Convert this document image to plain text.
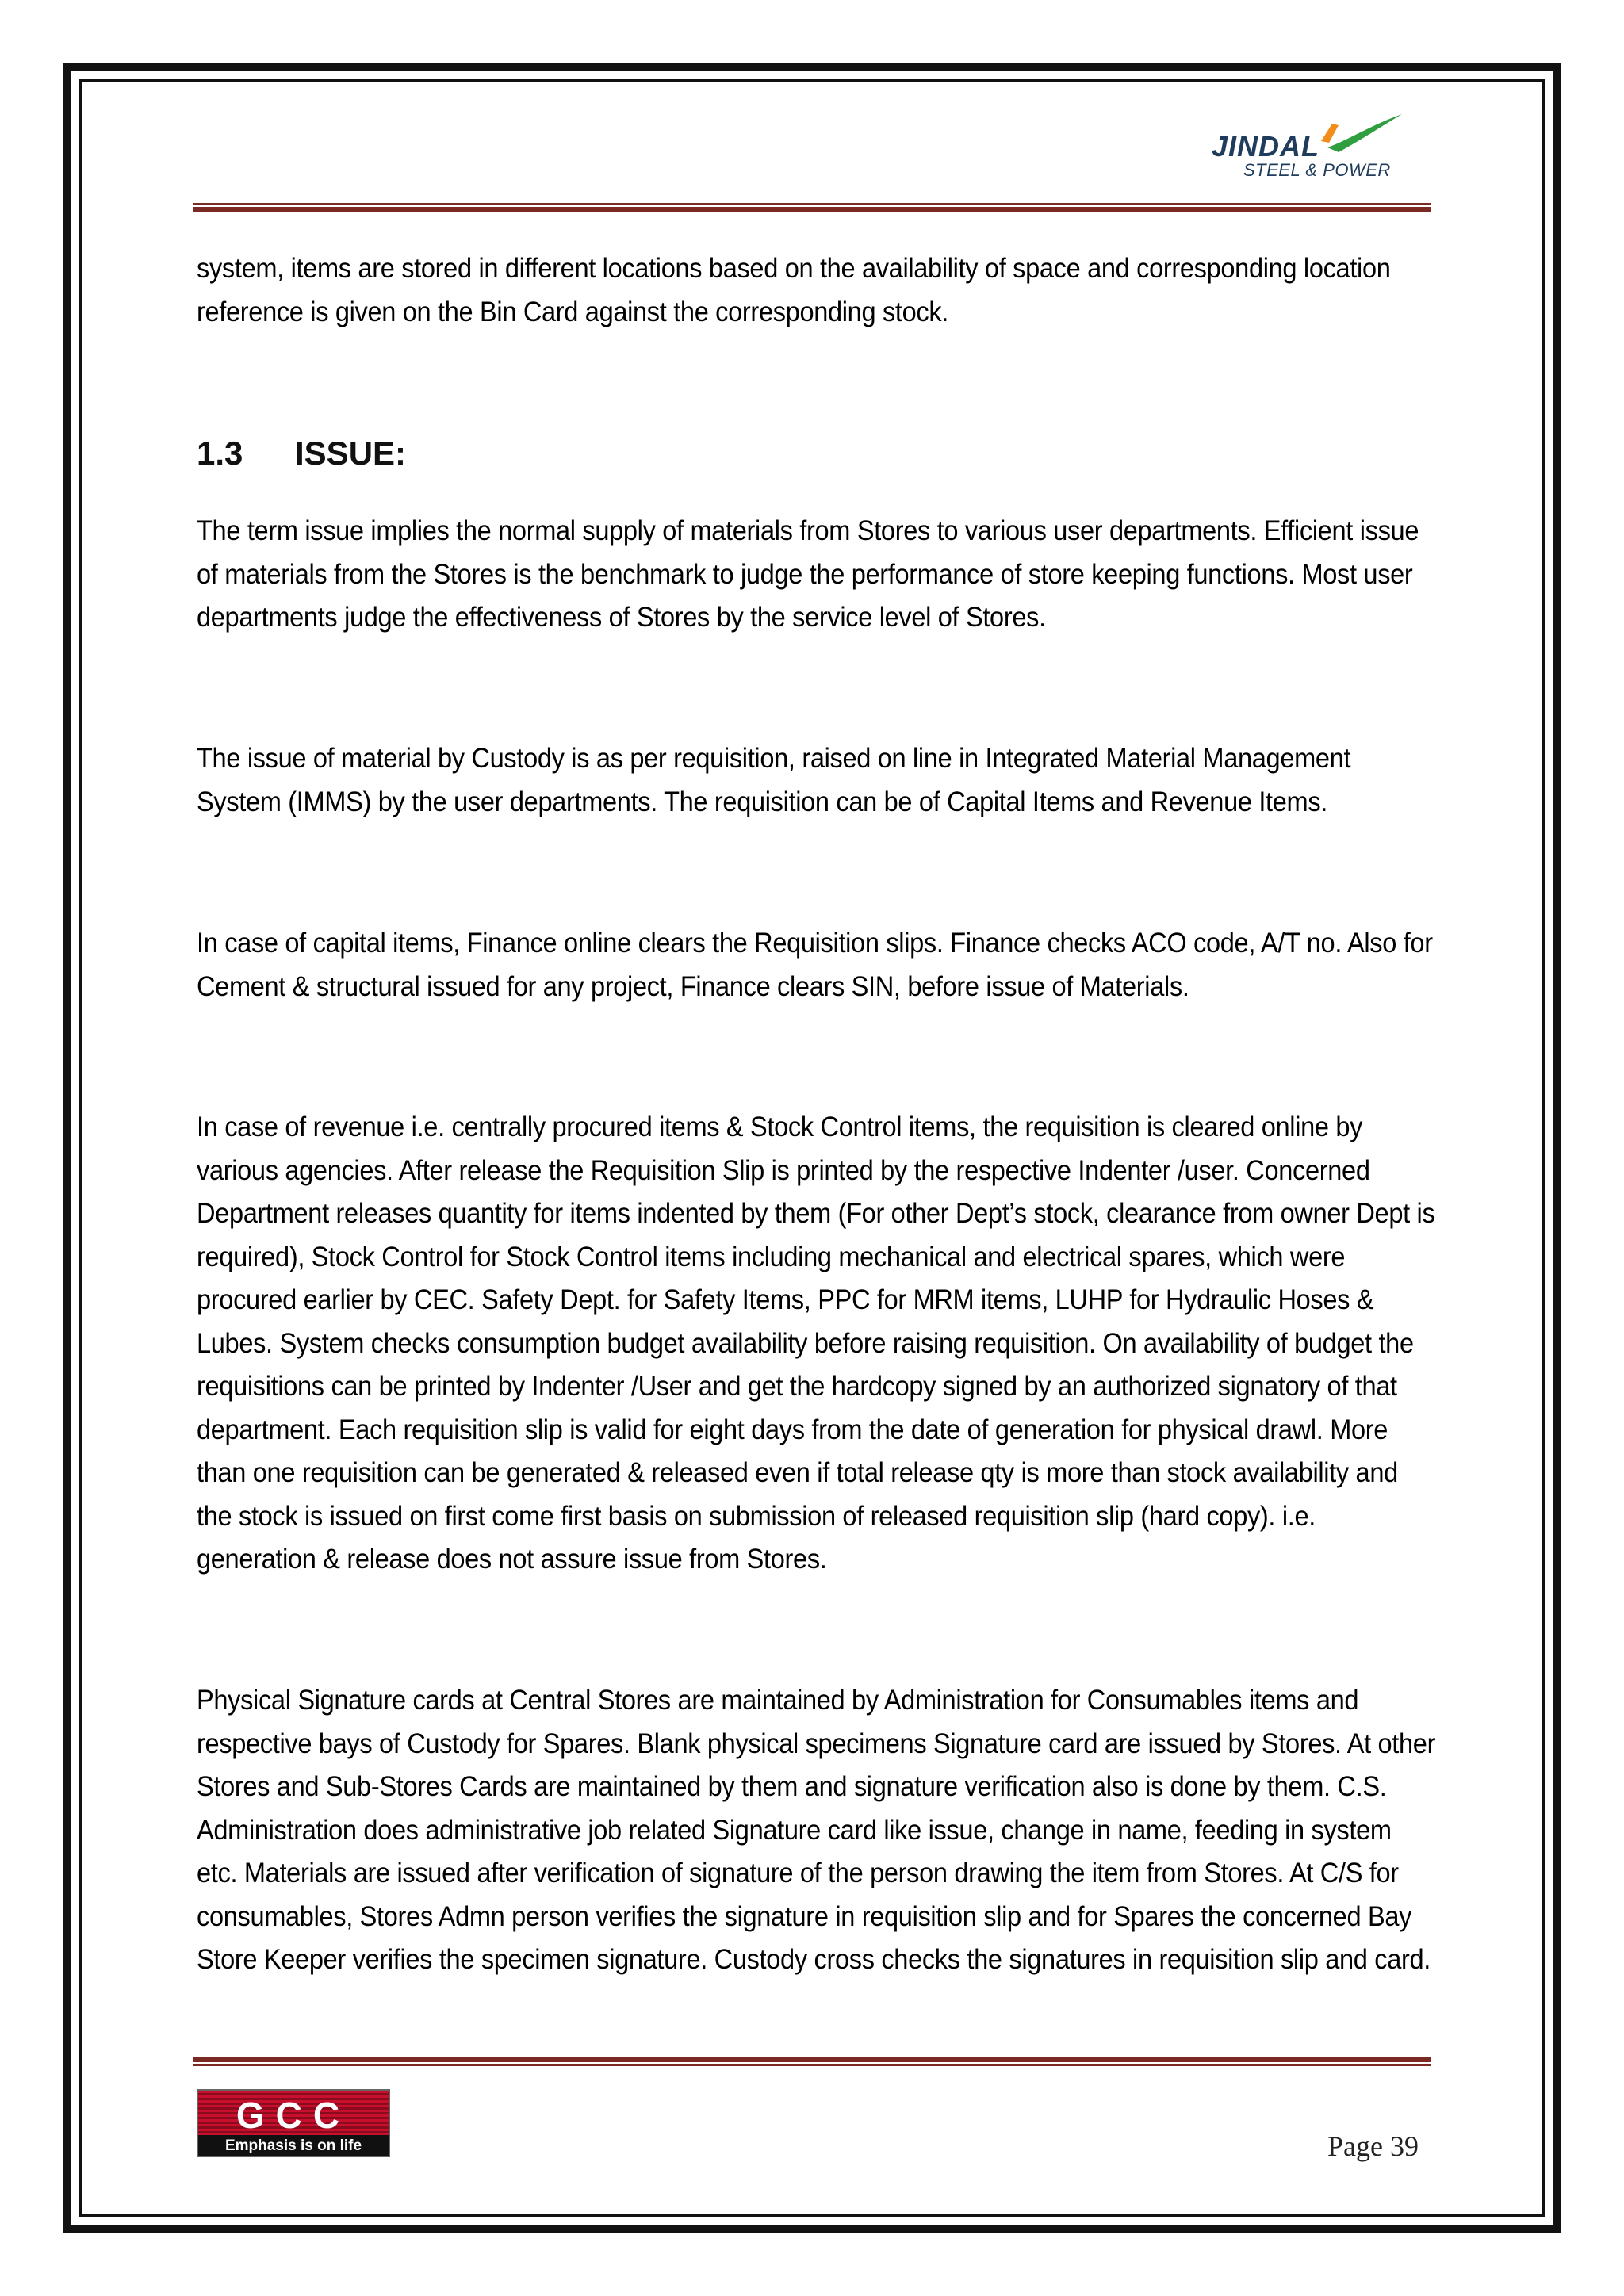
JINDAL
STEEL & POWER

system, items are stored in different locations based on the availability of space and corresponding location reference is given on the Bin Card against the corresponding stock.

1.3 ISSUE:

The term issue implies the normal supply of materials from Stores to various user departments. Efficient issue of materials from the Stores is the benchmark to judge the performance of store keeping functions. Most user departments judge the effectiveness of Stores by the service level of Stores.

The issue of material by Custody is as per requisition, raised on line in Integrated Material Management System (IMMS) by the user departments. The requisition can be of Capital Items and Revenue Items.

In case of capital items, Finance online clears the Requisition slips. Finance checks ACO code, A/T no. Also for Cement & structural issued for any project, Finance clears SIN, before issue of Materials.

In case of revenue i.e. centrally procured items & Stock Control items, the requisition is cleared online by various agencies. After release the Requisition Slip is printed by the respective Indenter /user. Concerned Department releases quantity for items indented by them (For other Dept’s stock, clearance from owner Dept is required), Stock Control for Stock Control items including mechanical and electrical spares, which were procured earlier by CEC. Safety Dept. for Safety Items, PPC for MRM items, LUHP for Hydraulic Hoses & Lubes. System checks consumption budget availability before raising requisition. On availability of budget the requisitions can be printed by Indenter /User and get the hardcopy signed by an authorized signatory of that department. Each requisition slip is valid for eight days from the date of generation for physical drawl. More than one requisition can be generated & released even if total release qty is more than stock availability and the stock is issued on first come first basis on submission of released requisition slip (hard copy). i.e. generation & release does not assure issue from Stores.

Physical Signature cards at Central Stores are maintained by Administration for Consumables items and respective bays of Custody for Spares. Blank physical specimens Signature card are issued by Stores. At other Stores and Sub-Stores Cards are maintained by them and signature verification also is done by them. C.S. Administration does administrative job related Signature card like issue, change in name, feeding in system etc. Materials are issued after verification of signature of the person drawing the item from Stores. At C/S for consumables, Stores Admn person verifies the signature in requisition slip and for Spares the concerned Bay Store Keeper verifies the specimen signature. Custody cross checks the signatures in requisition slip and card.

GCC
Emphasis is on life	Page 39
